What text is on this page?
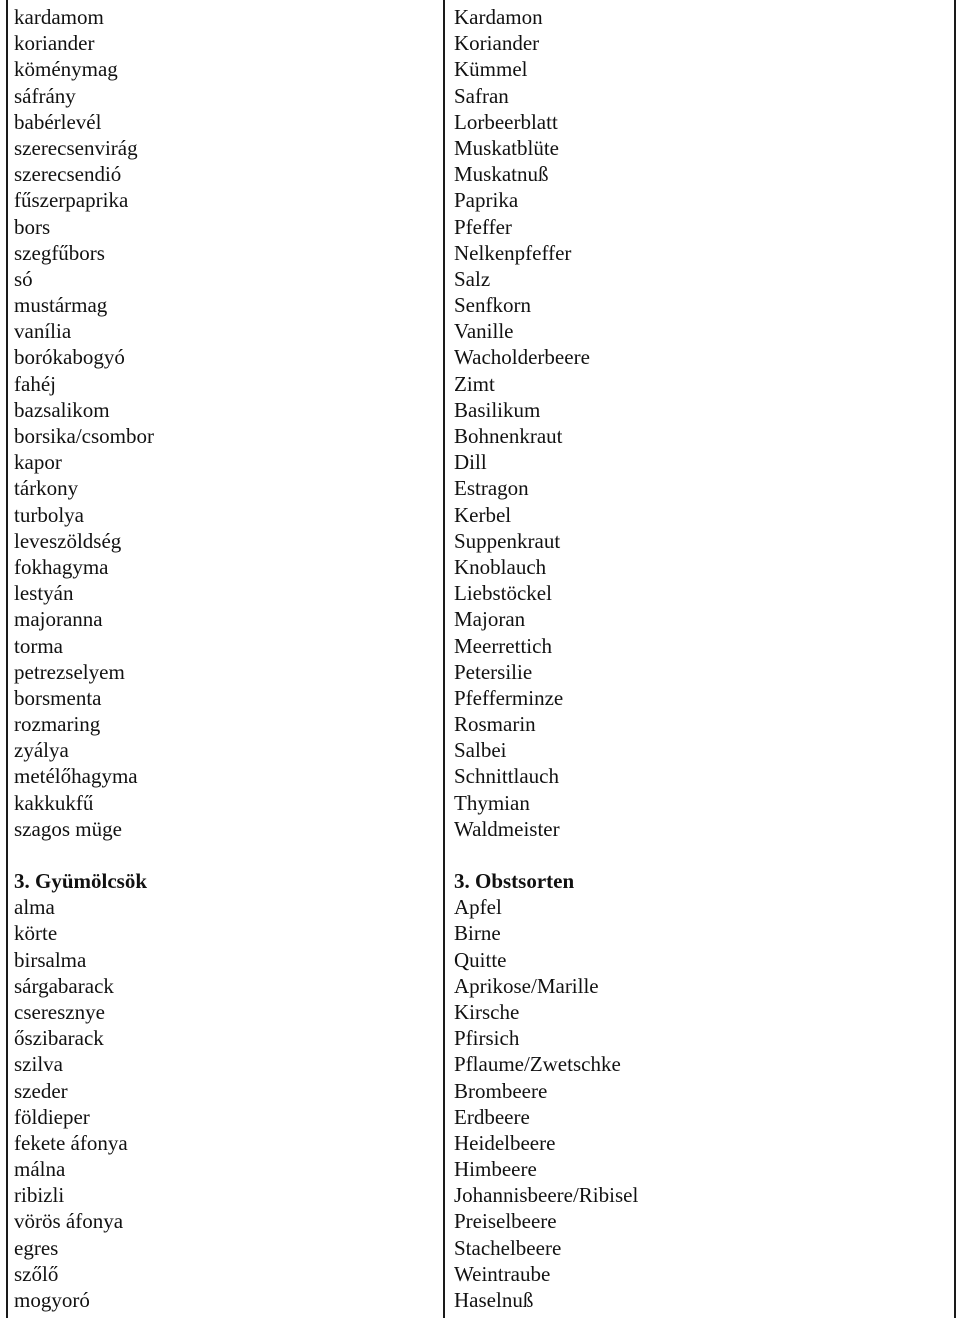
kardamom
koriander
köménymag
sáfrány
babérlevél
szerecsenvirág
szerecsendió
fűszerpaprika
bors
szegfűbors
só
mustármag
vanília
borókabogyó
fahéj
bazsalikom
borsika/csombor
kapor
tárkony
turbolya
leveszöldség
fokhagyma
lestyán
majoranna
torma
petrezselyem
borsmenta
rozmaring
zyálya
metélőhagyma
kakkukfű
szagos müge
3. Gyümölcsök
alma
körte
birsalma
sárgabarack
cseresznye
őszibarack
szilva
szeder
földieper
fekete áfonya
málna
ribizli
vörös áfonya
egres
szőlő
mogyoró
Kardamon
Koriander
Kümmel
Safran
Lorbeerblatt
Muskatblüte
Muskatnuß
Paprika
Pfeffer
Nelkenpfeffer
Salz
Senfkorn
Vanille
Wacholderbeere
Zimt
Basilikum
Bohnenkraut
Dill
Estragon
Kerbel
Suppenkraut
Knoblauch
Liebstöckel
Majoran
Meerrettich
Petersilie
Pfefferminze
Rosmarin
Salbei
Schnittlauch
Thymian
Waldmeister
3. Obstsorten
Apfel
Birne
Quitte
Aprikose/Marille
Kirsche
Pfirsich
Pflaume/Zwetschke
Brombeere
Erdbeere
Heidelbeere
Himbeere
Johannisbeere/Ribisel
Preiselbeere
Stachelbeere
Weintraube
Haselnuß
